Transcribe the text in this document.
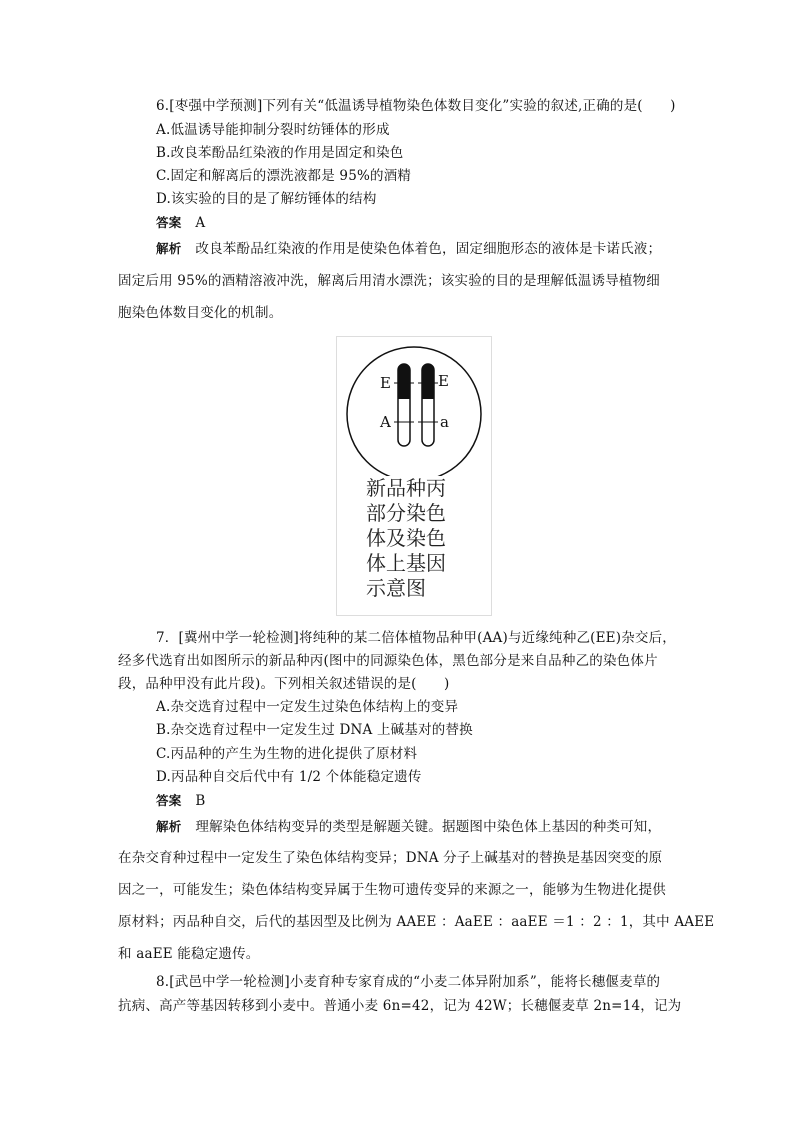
6.[枣强中学预测]下列有关“低温诱导植物染色体数目变化”实验的叙述,正确的是(　　)
A.低温诱导能抑制分裂时纺锤体的形成
B.改良苯酚品红染液的作用是固定和染色
C.固定和解离后的漂洗液都是 95%的酒精
D.该实验的目的是了解纺锤体的结构
答案 A
解析 改良苯酚品红染液的作用是使染色体着色，固定细胞形态的液体是卡诺氏液；
固定后用 95%的酒精溶液冲洗，解离后用清水漂洗；该实验的目的是理解低温诱导植物细
胞染色体数目变化的机制。
E	E
A	a
新品种丙
部分染色
体及染色
体上基因
示意图
7．[冀州中学一轮检测]将纯种的某二倍体植物品种甲(AA)与近缘纯种乙(EE)杂交后，
经多代选育出如图所示的新品种丙(图中的同源染色体，黑色部分是来自品种乙的染色体片
段，品种甲没有此片段)。下列相关叙述错误的是(　　)
A.杂交选育过程中一定发生过染色体结构上的变异
B.杂交选育过程中一定发生过 DNA 上碱基对的替换
C.丙品种的产生为生物的进化提供了原材料
D.丙品种自交后代中有 1/2 个体能稳定遗传
答案 B
解析 理解染色体结构变异的类型是解题关键。据题图中染色体上基因的种类可知，
在杂交育种过程中一定发生了染色体结构变异；DNA 分子上碱基对的替换是基因突变的原
因之一，可能发生；染色体结构变异属于生物可遗传变异的来源之一，能够为生物进化提供
原材料；丙品种自交，后代的基因型及比例为 AAEE ：AaEE ：aaEE ＝1 ：2 ：1，其中 AAEE
和 aaEE 能稳定遗传。
8.[武邑中学一轮检测]小麦育种专家育成的“小麦二体异附加系”，能将长穗偃麦草的
抗病、高产等基因转移到小麦中。普通小麦 6n=42，记为 42W；长穗偃麦草 2n=14，记为
